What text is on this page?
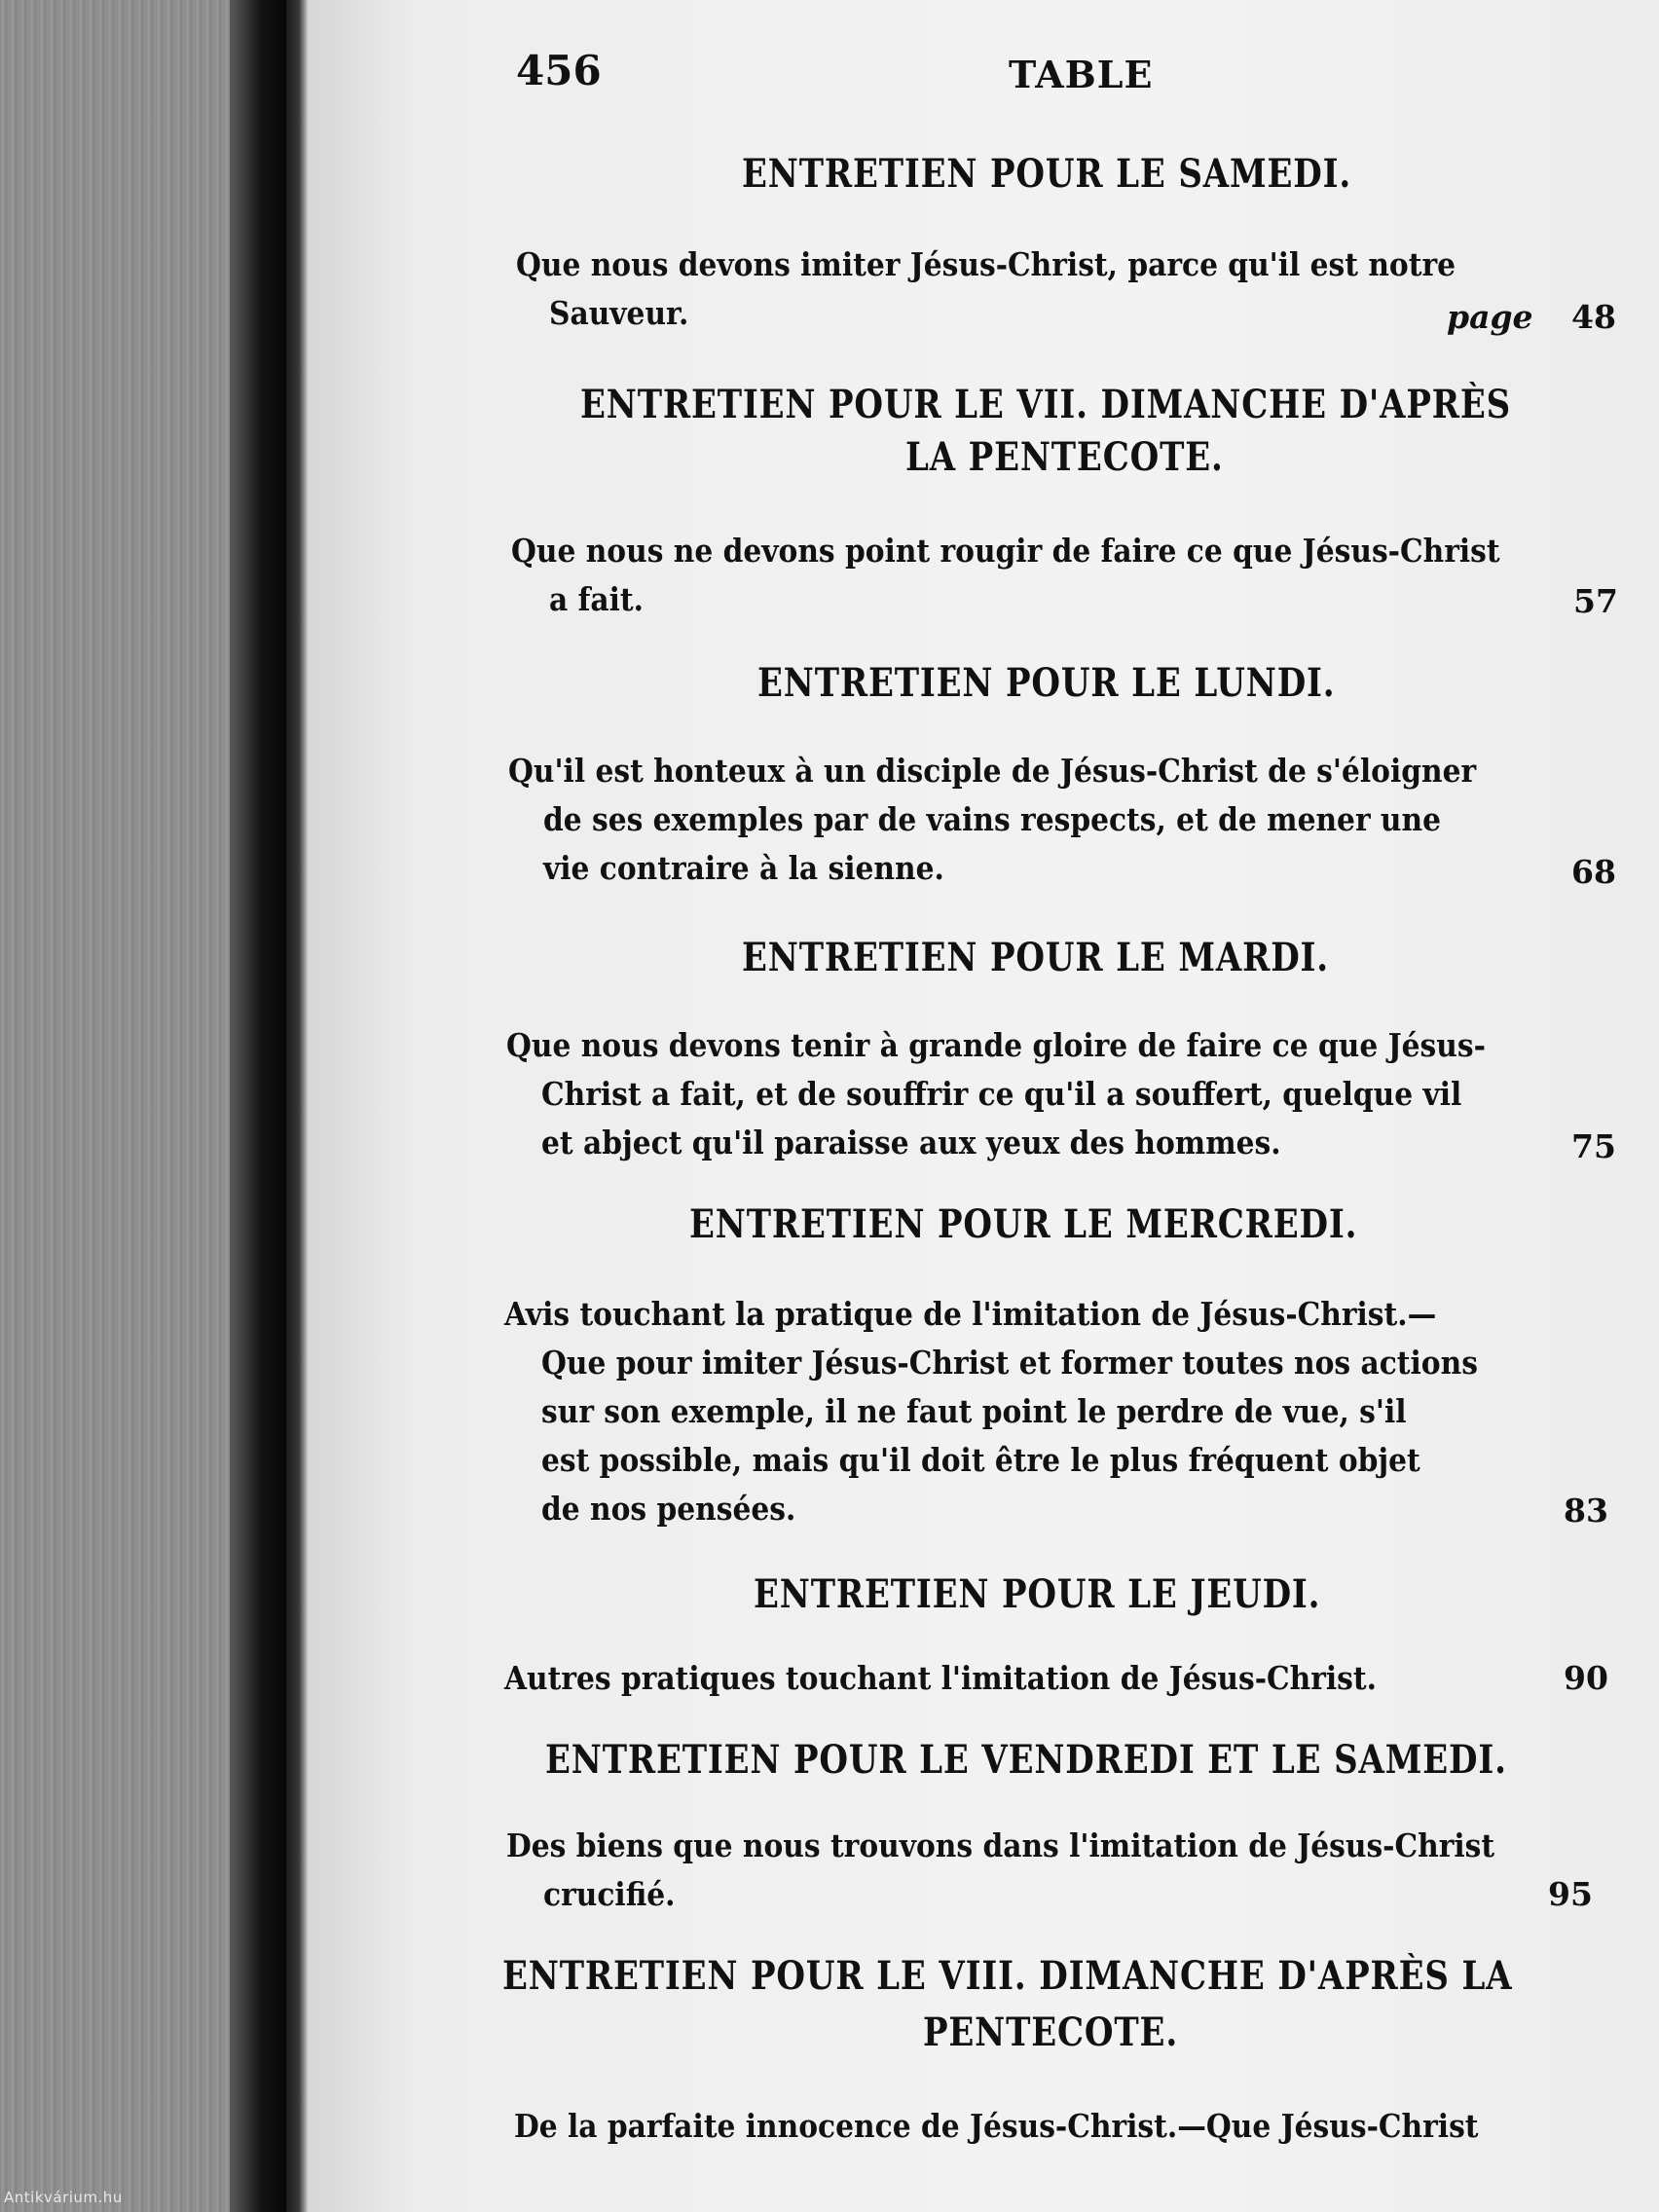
456	TABLE
ENTRETIEN POUR LE SAMEDI.
Que nous devons imiter Jésus-Christ, parce qu'il est notre
Sauveur.	page 48
ENTRETIEN POUR LE VII. DIMANCHE D'APRÈS
LA PENTECOTE.
Que nous ne devons point rougir de faire ce que Jésus-Christ
a fait.	57
ENTRETIEN POUR LE LUNDI.
Qu'il est honteux à un disciple de Jésus-Christ de s'éloigner
de ses exemples par de vains respects, et de mener une
vie contraire à la sienne.	68
ENTRETIEN POUR LE MARDI.
Que nous devons tenir à grande gloire de faire ce que Jésus-
Christ a fait, et de souffrir ce qu'il a souffert, quelque vil
et abject qu'il paraisse aux yeux des hommes.	75
ENTRETIEN POUR LE MERCREDI.
Avis touchant la pratique de l'imitation de Jésus-Christ.—
Que pour imiter Jésus-Christ et former toutes nos actions
sur son exemple, il ne faut point le perdre de vue, s'il
est possible, mais qu'il doit être le plus fréquent objet
de nos pensées.	83
ENTRETIEN POUR LE JEUDI.
Autres pratiques touchant l'imitation de Jésus-Christ.	90
ENTRETIEN POUR LE VENDREDI ET LE SAMEDI.
Des biens que nous trouvons dans l'imitation de Jésus-Christ
crucifié.	95
ENTRETIEN POUR LE VIII. DIMANCHE D'APRÈS LA
PENTECOTE.
De la parfaite innocence de Jésus-Christ.—Que Jésus-Christ
Antikvárium.hu
